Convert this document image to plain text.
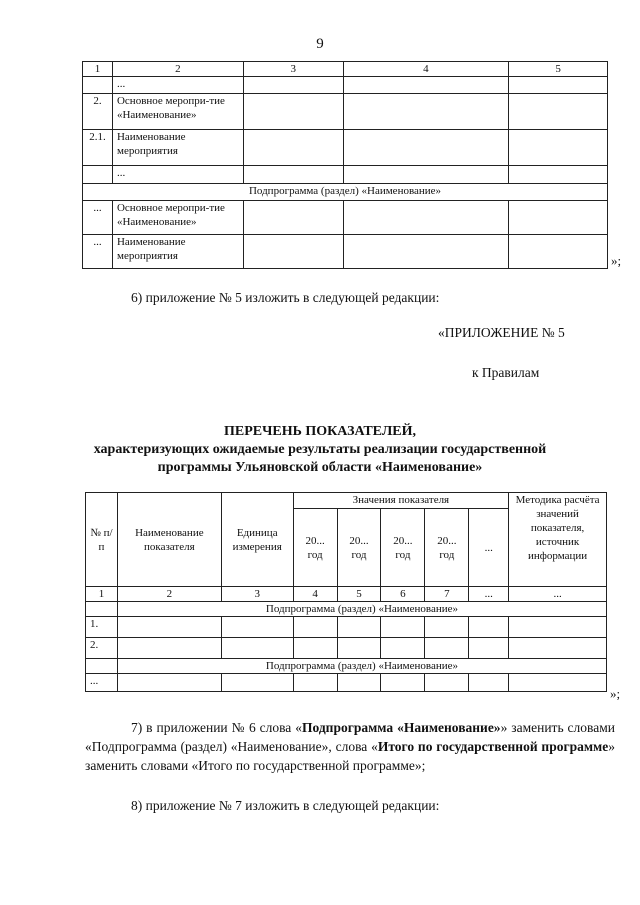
9
1	2	3	4	5
	...			
2.	Основное меропри-тие «Наименование»			
2.1.	Наименование мероприятия			
	...			
Подпрограмма (раздел) «Наименование»				
...	Основное меропри-тие «Наименование»			
...	Наименование мероприятия				»;
6) приложение № 5 изложить в следующей редакции:
«ПРИЛОЖЕНИЕ № 5
к Правилам
ПЕРЕЧЕНЬ ПОКАЗАТЕЛЕЙ,
характеризующих ожидаемые результаты реализации государственной
программы Ульяновской области «Наименование»
№ п/п	Наименование показателя	Единица измерения	Значения показателя					Методика расчёта значений показателя, источник информации
			20... год	20... год	20... год	20... год	...	
1	2	3	4	5	6	7	...	...
	Подпрограмма (раздел) «Наименование»							
1.								
2.								
	Подпрограмма (раздел) «Наименование»							
...								
»;
7) в приложении № 6 слова «Подпрограмма «Наименование»» заменить словами «Подпрограмма (раздел) «Наименование», слова «Итого по государственной программе» заменить словами «Итого по государственной программе»;
8) приложение № 7 изложить в следующей редакции:
